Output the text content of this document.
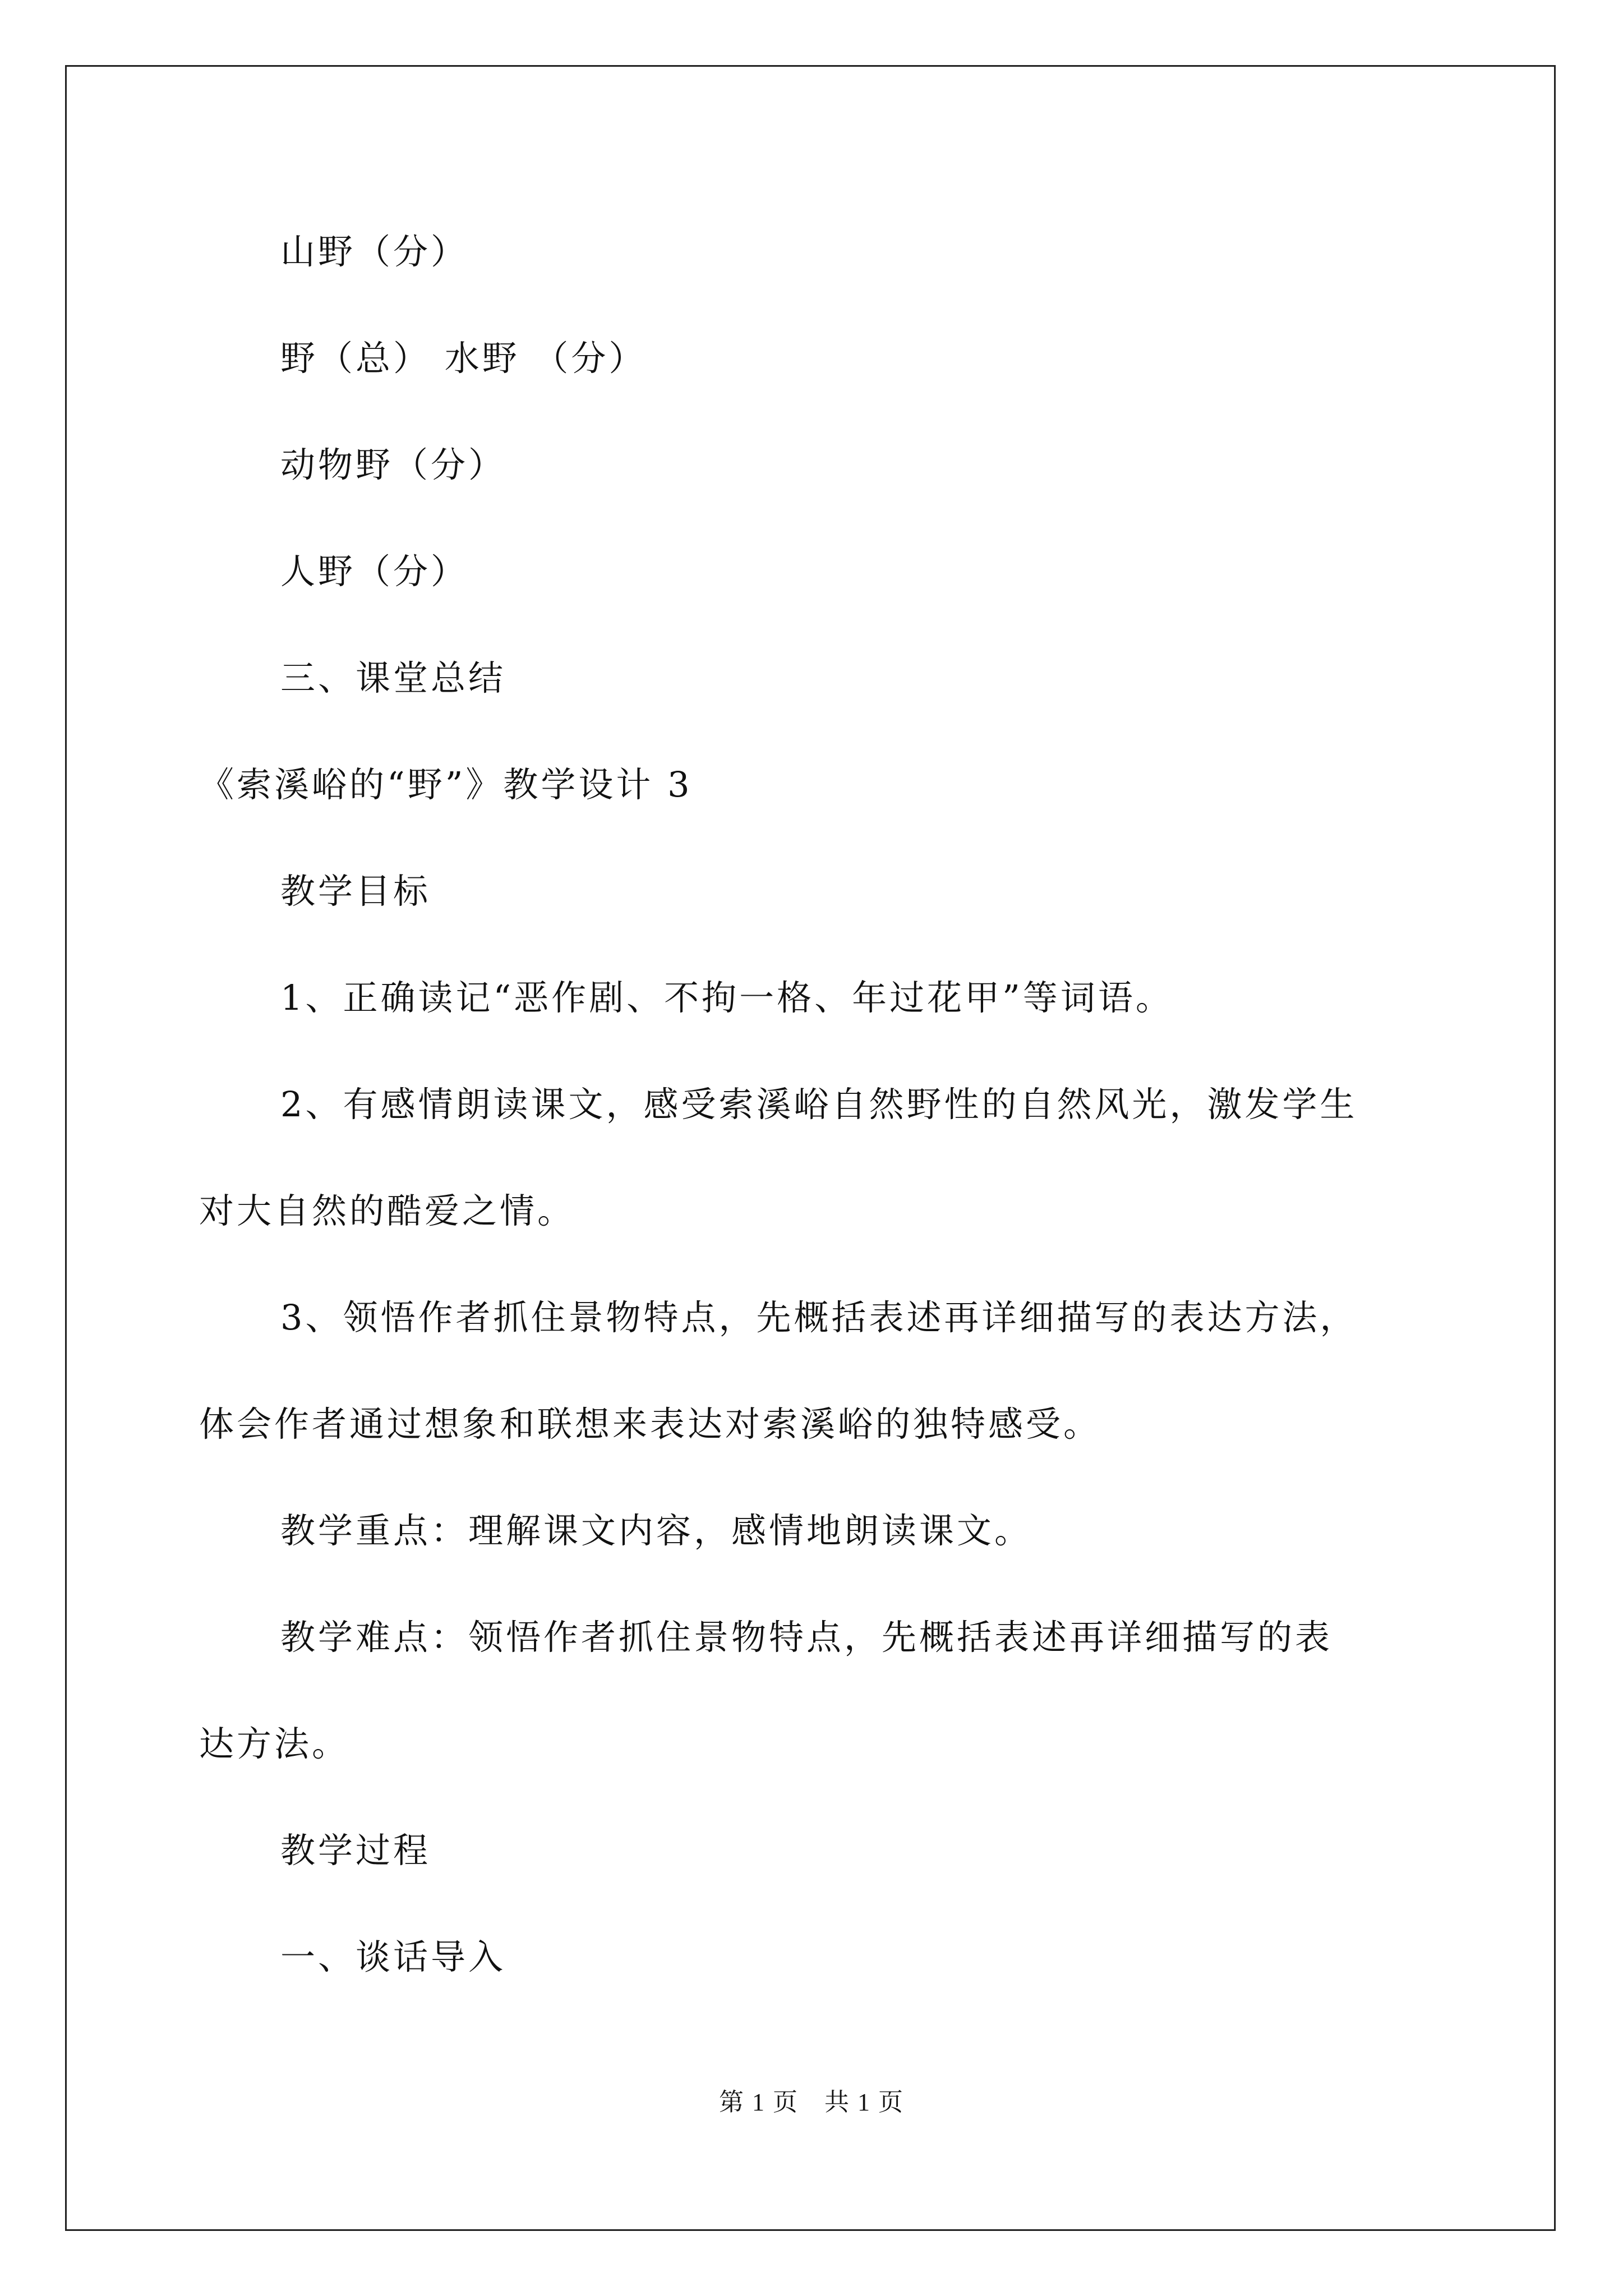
山野（分）

野（总） 水野 （分）

动物野（分）

人野（分）

三、课堂总结

《索溪峪的“野”》教学设计 3

教学目标

1、正确读记“恶作剧、不拘一格、年过花甲”等词语。

2、有感情朗读课文，感受索溪峪自然野性的自然风光，激发学生

对大自然的酷爱之情。

3、领悟作者抓住景物特点，先概括表述再详细描写的表达方法，

体会作者通过想象和联想来表达对索溪峪的独特感受。

教学重点：理解课文内容，感情地朗读课文。

教学难点：领悟作者抓住景物特点，先概括表述再详细描写的表

达方法。

教学过程

一、谈话导入

第 1 页　共 1 页
